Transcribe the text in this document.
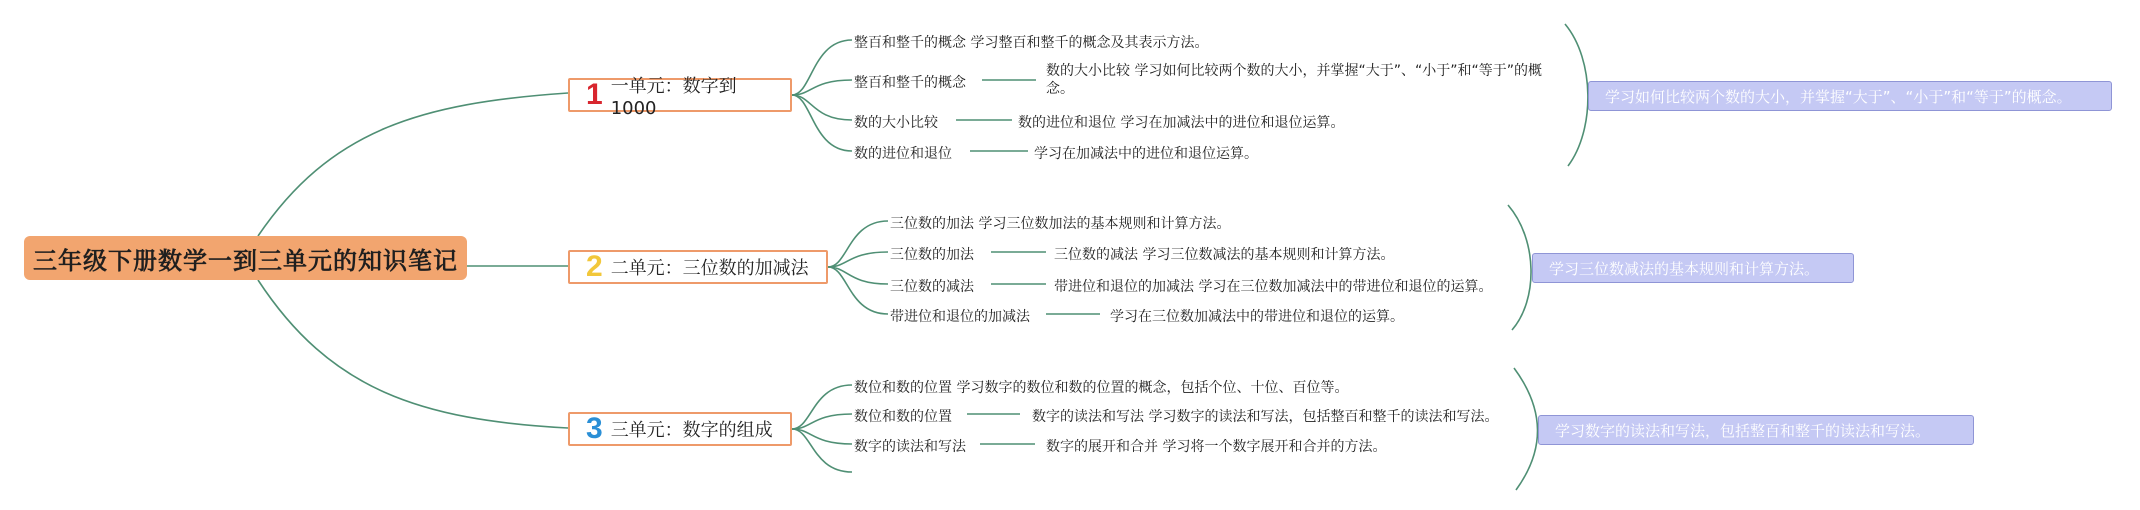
三年级下册数学一到三单元的知识笔记
1 一单元：数字到1000
整百和整千的概念 学习整百和整千的概念及其表示方法。
整百和整千的概念
数的大小比较 学习如何比较两个数的大小，并掌握“大于”、“小于”和“等于”的概念。
数的大小比较	数的进位和退位 学习在加减法中的进位和退位运算。
数的进位和退位	学习在加减法中的进位和退位运算。
学习如何比较两个数的大小，并掌握“大于”、“小于”和“等于”的概念。
2 二单元：三位数的加减法
三位数的加法 学习三位数加法的基本规则和计算方法。
三位数的加法	三位数的减法 学习三位数减法的基本规则和计算方法。
三位数的减法	带进位和退位的加减法 学习在三位数加减法中的带进位和退位的运算。
带进位和退位的加减法	学习在三位数加减法中的带进位和退位的运算。
学习三位数减法的基本规则和计算方法。
3 三单元：数字的组成
数位和数的位置 学习数字的数位和数的位置的概念，包括个位、十位、百位等。
数位和数的位置	数字的读法和写法 学习数字的读法和写法，包括整百和整千的读法和写法。
数字的读法和写法	数字的展开和合并 学习将一个数字展开和合并的方法。
学习数字的读法和写法，包括整百和整千的读法和写法。
